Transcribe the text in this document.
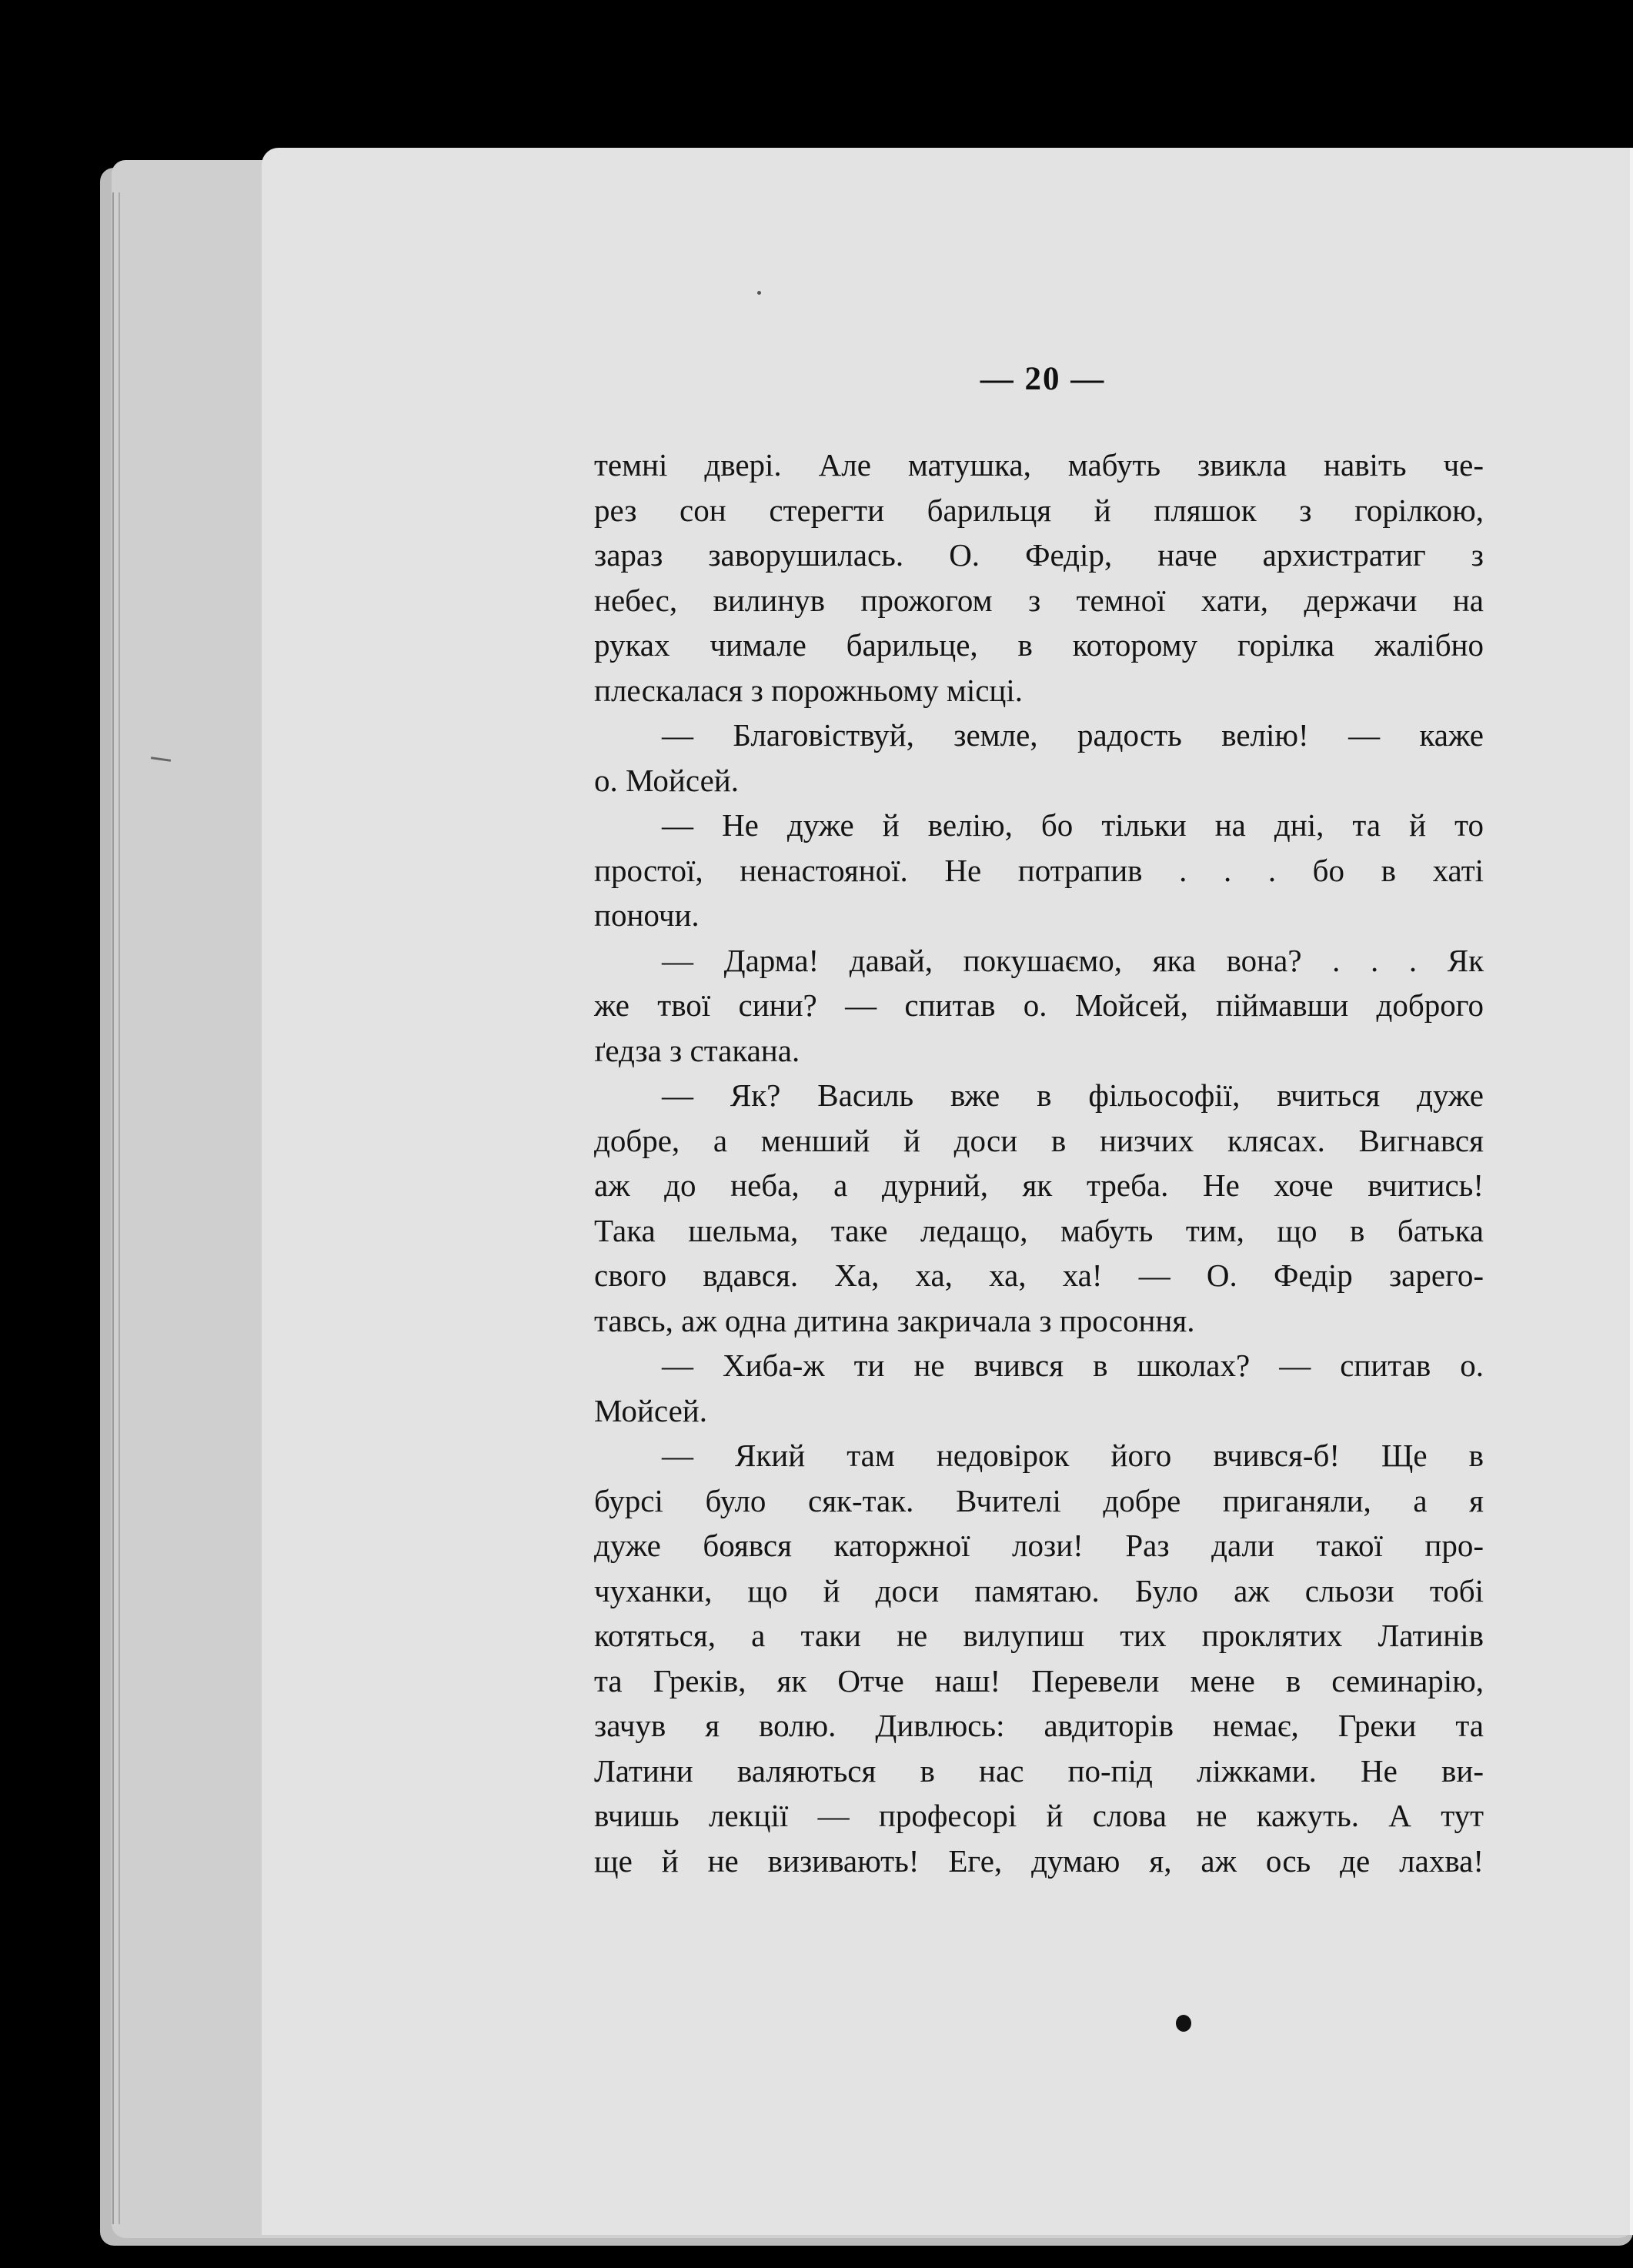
— 20 —
темні двері. Але матушка, мабуть звикла навіть че-
рез сон стерегти барильця й пляшок з горілкою,
зараз заворушилась. О. Федір, наче архистратиг з
небес, вилинув прожогом з темної хати, держачи на
руках чимале барильце, в которому горілка жалібно
плескалася з порожньому місці.
— Благовіствуй, земле, радость велію! — каже
о. Мойсей.
— Не дуже й велію, бо тільки на дні, та й то
простої, ненастояної. Не потрапив . . . бо в хаті
поночи.
— Дарма! давай, покушаємо, яка вона? . . . Як
же твої сини? — спитав о. Мойсей, піймавши доброго
ґедза з стакана.
— Як? Василь вже в фільософії, вчиться дуже
добре, а менший й доси в низчих клясах. Вигнався
аж до неба, а дурний, як треба. Не хоче вчитись!
Така шельма, таке ледащо, мабуть тим, що в батька
свого вдався. Ха, ха, ха, ха! — О. Федір зарего-
тавсь, аж одна дитина закричала з просоння.
— Хиба-ж ти не вчився в школах? — спитав о.
Мойсей.
— Який там недовірок його вчився-б! Ще в
бурсі було сяк-так. Вчителі добре приганяли, а я
дуже боявся каторжної лози! Раз дали такої про-
чуханки, що й доси памятаю. Було аж сльози тобі
котяться, а таки не вилупиш тих проклятих Латинів
та Греків, як Отче наш! Перевели мене в семинарію,
зачув я волю. Дивлюсь: авдиторів немає, Греки та
Латини валяються в нас по-під ліжками. Не ви-
вчишь лекції — професорі й слова не кажуть. А тут
ще й не визивають! Еге, думаю я, аж ось де лахва!
